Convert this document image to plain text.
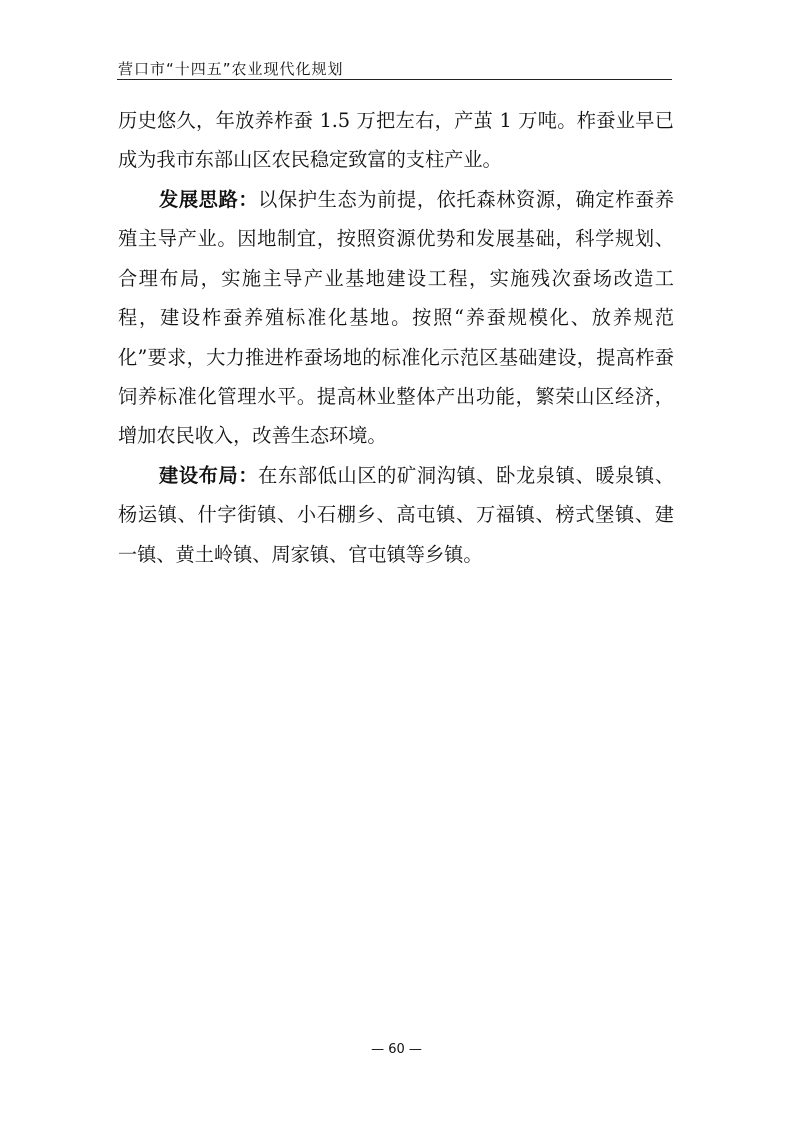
营口市“十四五”农业现代化规划

历史悠久，年放养柞蚕 1.5 万把左右，产茧 1 万吨。柞蚕业早已成为我市东部山区农民稳定致富的支柱产业。

发展思路：以保护生态为前提，依托森林资源，确定柞蚕养殖主导产业。因地制宜，按照资源优势和发展基础，科学规划、合理布局，实施主导产业基地建设工程，实施残次蚕场改造工程，建设柞蚕养殖标准化基地。按照“养蚕规模化、放养规范化”要求，大力推进柞蚕场地的标准化示范区基础建设，提高柞蚕饲养标准化管理水平。提高林业整体产出功能，繁荣山区经济，增加农民收入，改善生态环境。

建设布局：在东部低山区的矿洞沟镇、卧龙泉镇、暖泉镇、杨运镇、什字街镇、小石棚乡、高屯镇、万福镇、榜式堡镇、建一镇、黄土岭镇、周家镇、官屯镇等乡镇。

— 60 —
